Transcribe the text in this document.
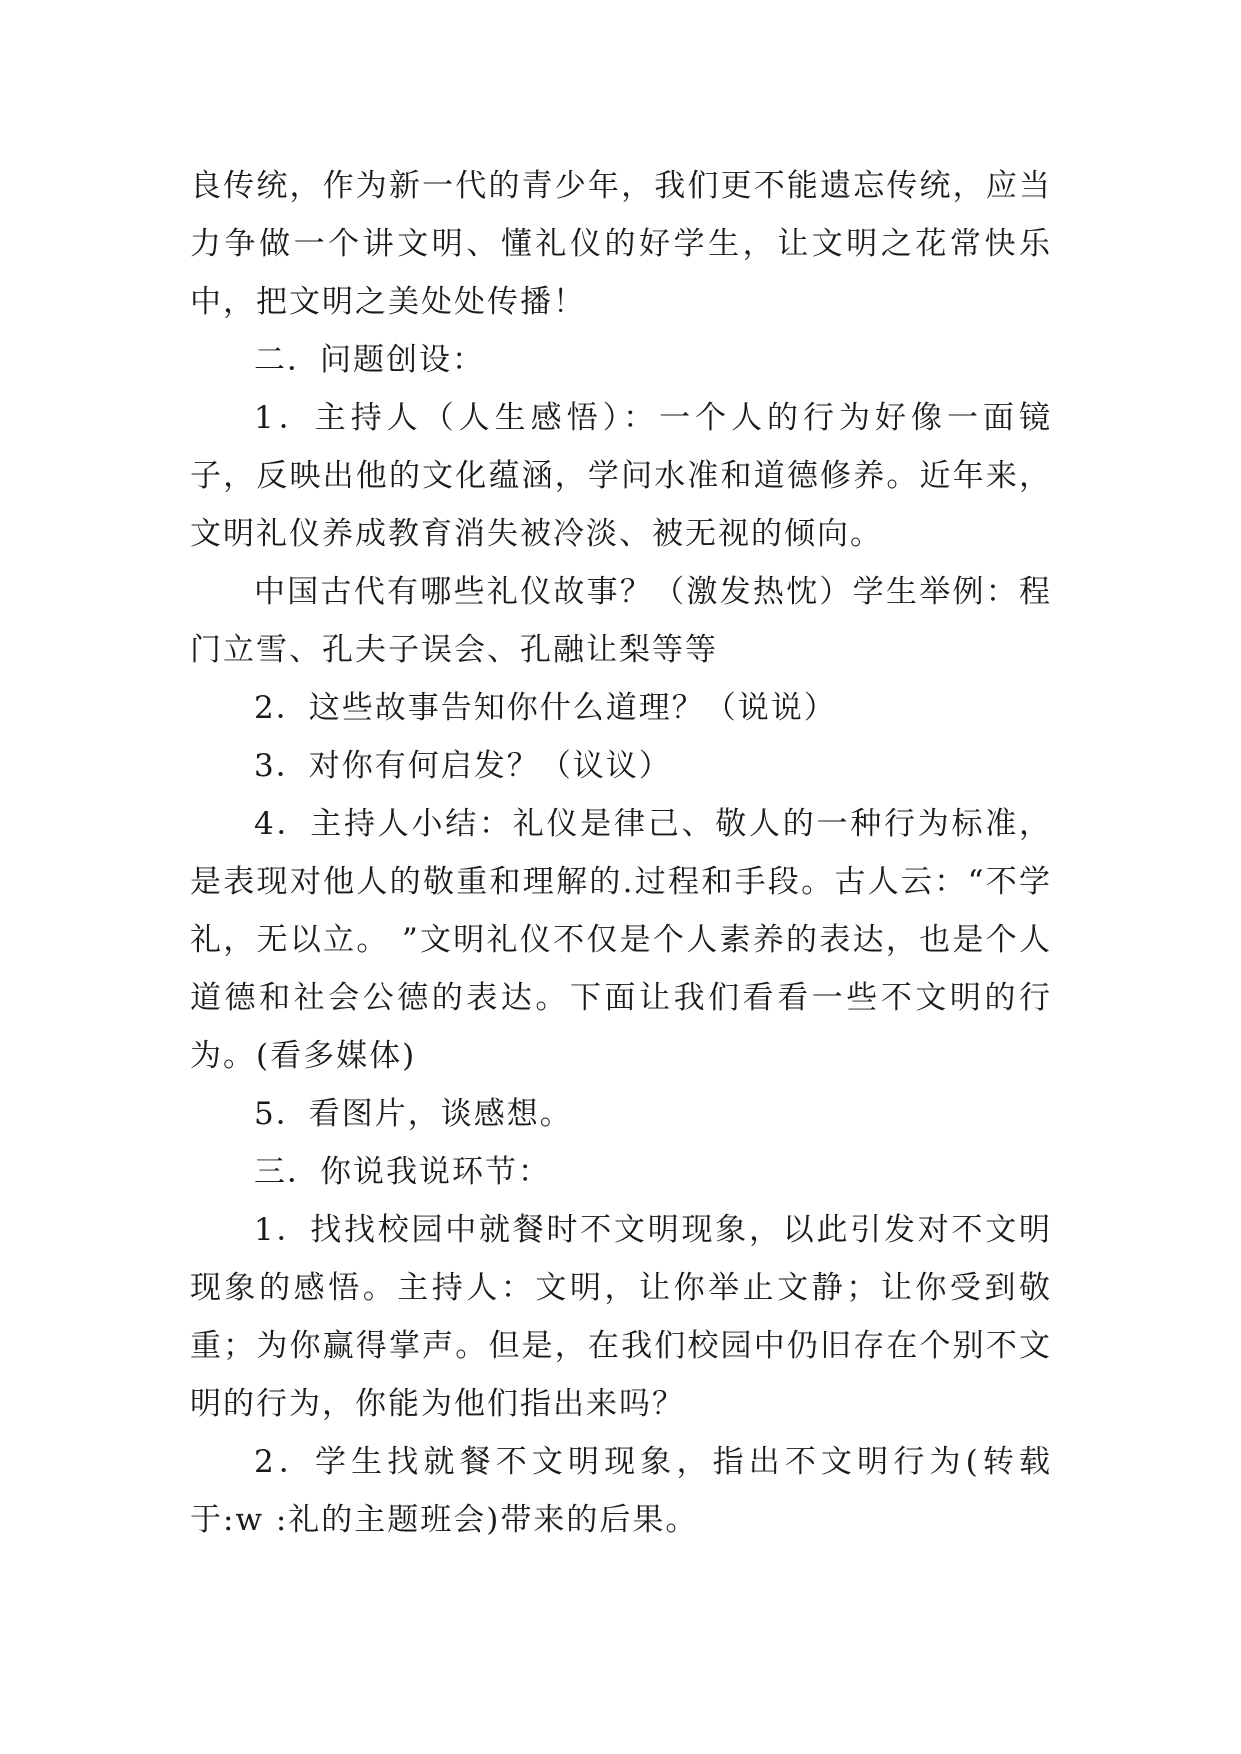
良传统，作为新一代的青少年，我们更不能遗忘传统，应当力争做一个讲文明、懂礼仪的好学生，让文明之花常快乐中，把文明之美处处传播！

二．问题创设：

1．主持人（人生感悟）：一个人的行为好像一面镜子，反映出他的文化蕴涵，学问水准和道德修养。近年来，文明礼仪养成教育消失被冷淡、被无视的倾向。

中国古代有哪些礼仪故事？（激发热忱）学生举例：程门立雪、孔夫子误会、孔融让梨等等

2．这些故事告知你什么道理？（说说）

3．对你有何启发？（议议）

4．主持人小结：礼仪是律己、敬人的一种行为标准，是表现对他人的敬重和理解的.过程和手段。古人云：“不学礼，无以立。 ”文明礼仪不仅是个人素养的表达，也是个人道德和社会公德的表达。下面让我们看看一些不文明的行为。(看多媒体)

5．看图片，谈感想。

三．你说我说环节：

1．找找校园中就餐时不文明现象，以此引发对不文明现象的感悟。主持人：文明，让你举止文静；让你受到敬重；为你赢得掌声。但是，在我们校园中仍旧存在个别不文明的行为，你能为他们指出来吗？

2．学生找就餐不文明现象，指出不文明行为(转载于:w :礼的主题班会)带来的后果。
